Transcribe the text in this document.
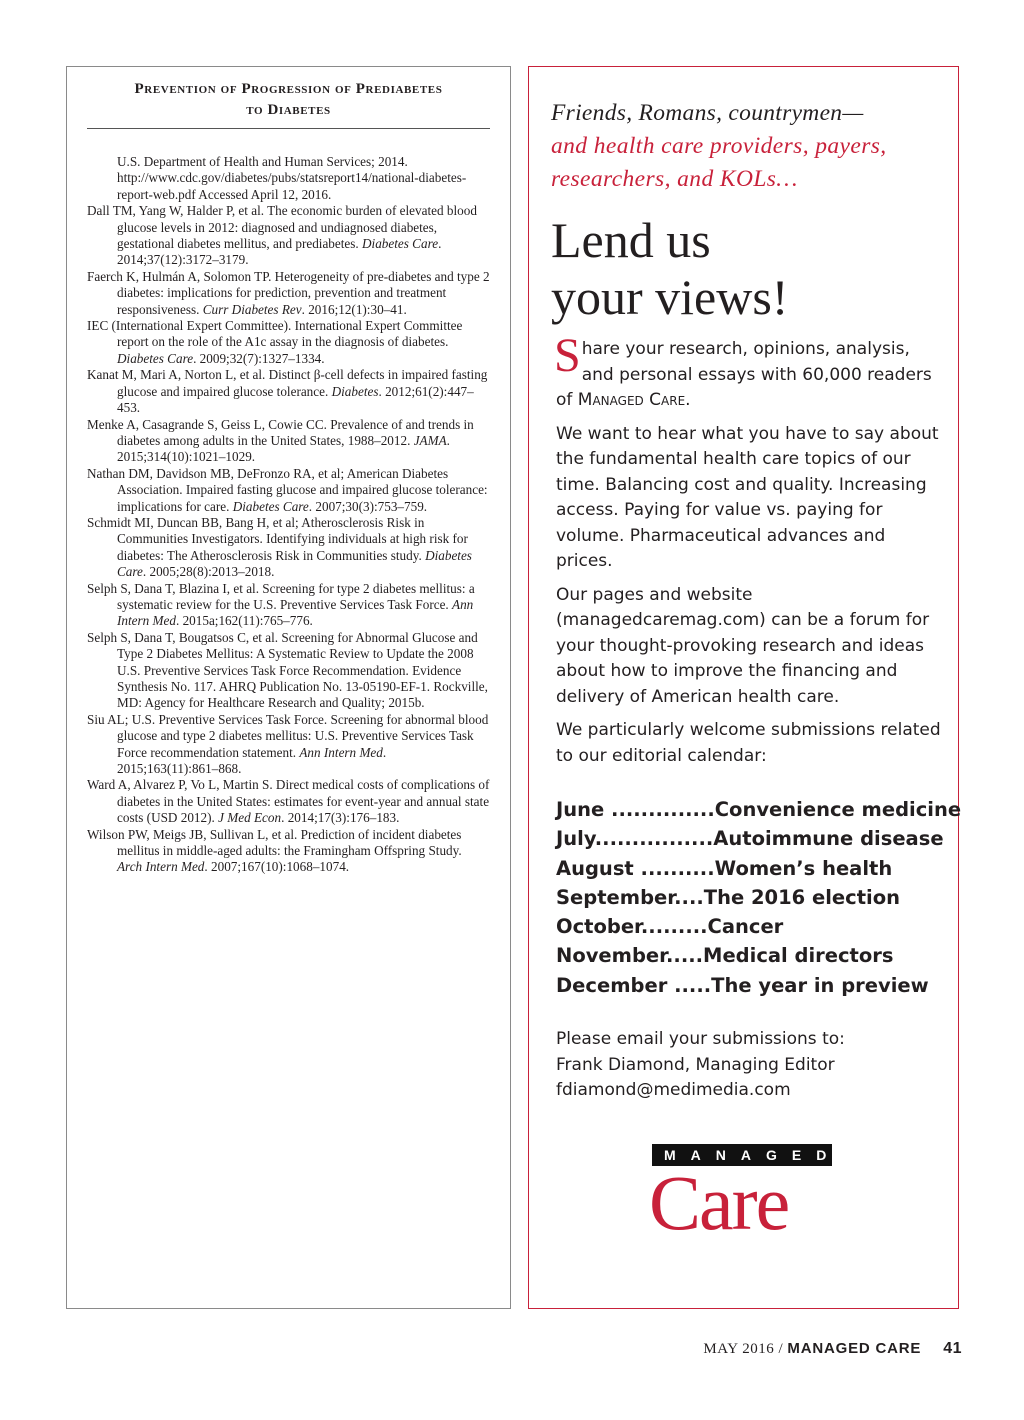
Prevention of Progression of Prediabetes
to Diabetes
U.S. Department of Health and Human Services; 2014. http://www.cdc.gov/diabetes/pubs/statsreport14/national-diabetes-report-web.pdf Accessed April 12, 2016.
Dall TM, Yang W, Halder P, et al. The economic burden of elevated blood glucose levels in 2012: diagnosed and undiagnosed diabetes, gestational diabetes mellitus, and prediabetes. Diabetes Care. 2014;37(12):3172–3179.
Faerch K, Hulmán A, Solomon TP. Heterogeneity of pre-diabetes and type 2 diabetes: implications for prediction, prevention and treatment responsiveness. Curr Diabetes Rev. 2016;12(1):30–41.
IEC (International Expert Committee). International Expert Committee report on the role of the A1c assay in the diagnosis of diabetes. Diabetes Care. 2009;32(7):1327–1334.
Kanat M, Mari A, Norton L, et al. Distinct β-cell defects in impaired fasting glucose and impaired glucose tolerance. Diabetes. 2012;61(2):447–453.
Menke A, Casagrande S, Geiss L, Cowie CC. Prevalence of and trends in diabetes among adults in the United States, 1988–2012. JAMA. 2015;314(10):1021–1029.
Nathan DM, Davidson MB, DeFronzo RA, et al; American Diabetes Association. Impaired fasting glucose and impaired glucose tolerance: implications for care. Diabetes Care. 2007;30(3):753–759.
Schmidt MI, Duncan BB, Bang H, et al; Atherosclerosis Risk in Communities Investigators. Identifying individuals at high risk for diabetes: The Atherosclerosis Risk in Communities study. Diabetes Care. 2005;28(8):2013–2018.
Selph S, Dana T, Blazina I, et al. Screening for type 2 diabetes mellitus: a systematic review for the U.S. Preventive Services Task Force. Ann Intern Med. 2015a;162(11):765–776.
Selph S, Dana T, Bougatsos C, et al. Screening for Abnormal Glucose and Type 2 Diabetes Mellitus: A Systematic Review to Update the 2008 U.S. Preventive Services Task Force Recommendation. Evidence Synthesis No. 117. AHRQ Publication No. 13-05190-EF-1. Rockville, MD: Agency for Healthcare Research and Quality; 2015b.
Siu AL; U.S. Preventive Services Task Force. Screening for abnormal blood glucose and type 2 diabetes mellitus: U.S. Preventive Services Task Force recommendation statement. Ann Intern Med. 2015;163(11):861–868.
Ward A, Alvarez P, Vo L, Martin S. Direct medical costs of complications of diabetes in the United States: estimates for event-year and annual state costs (USD 2012). J Med Econ. 2014;17(3):176–183.
Wilson PW, Meigs JB, Sullivan L, et al. Prediction of incident diabetes mellitus in middle-aged adults: the Framingham Offspring Study. Arch Intern Med. 2007;167(10):1068–1074.
Friends, Romans, countrymen—
and health care providers, payers,
researchers, and KOLs…
Lend us
your views!

Share your research, opinions, analysis, and personal essays with 60,000 readers of Managed Care.

We want to hear what you have to say about the fundamental health care topics of our time. Balancing cost and quality. Increasing access. Paying for value vs. paying for volume. Pharmaceutical advances and prices.

Our pages and website (managedcaremag.com) can be a forum for your thought-provoking research and ideas about how to improve the financing and delivery of American health care.

We particularly welcome submissions related to our editorial calendar:

June ..............Convenience medicine
July................Autoimmune disease
August ..........Women’s health
September....The 2016 election
October.........Cancer
November.....Medical directors
December .....The year in preview
Please email your submissions to:
Frank Diamond, Managing Editor
fdiamond@medimedia.com
MANAGED
Care
MAY 2016 / MANAGED CARE 41
